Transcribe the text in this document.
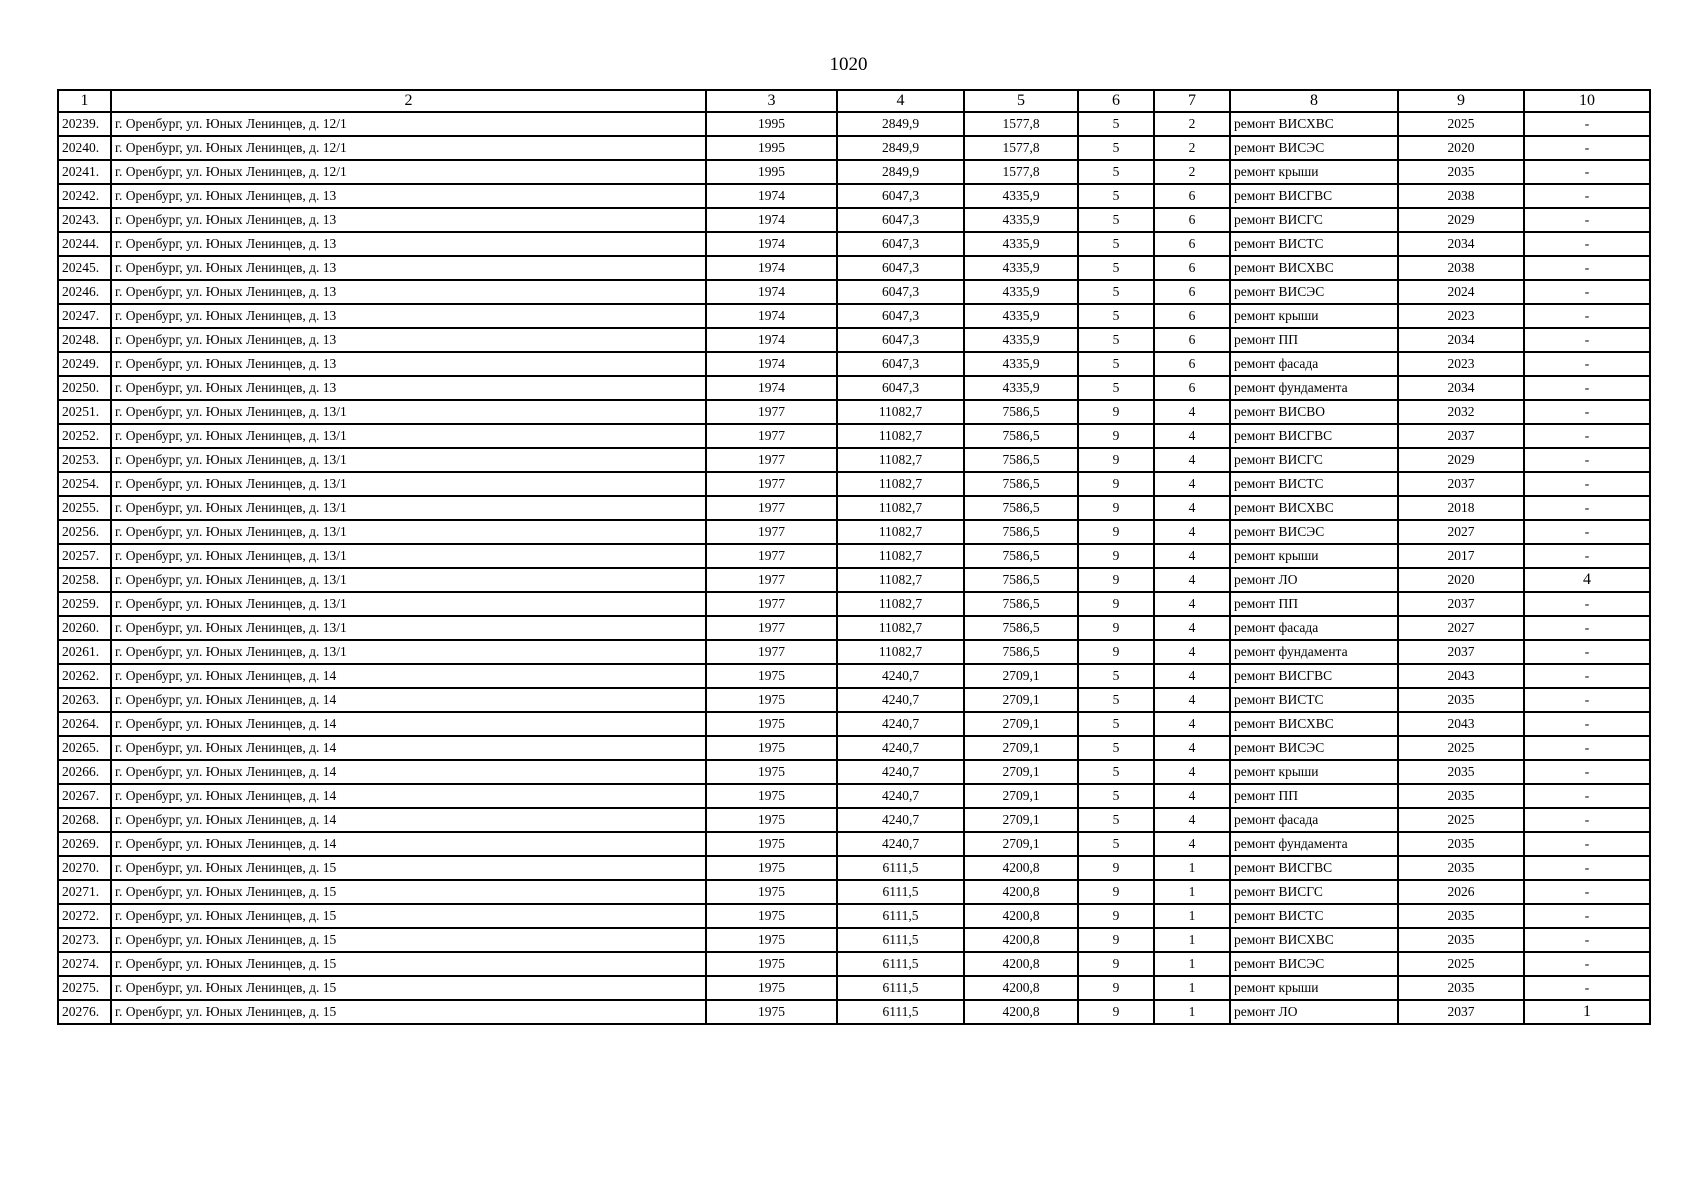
1020
1	2	3	4	5	6	7	8	9	10
20239.	г. Оренбург, ул. Юных Ленинцев, д. 12/1	1995	2849,9	1577,8	5	2	ремонт ВИСХВС	2025	-
20240.	г. Оренбург, ул. Юных Ленинцев, д. 12/1	1995	2849,9	1577,8	5	2	ремонт ВИСЭС	2020	-
20241.	г. Оренбург, ул. Юных Ленинцев, д. 12/1	1995	2849,9	1577,8	5	2	ремонт крыши	2035	-
20242.	г. Оренбург, ул. Юных Ленинцев, д. 13	1974	6047,3	4335,9	5	6	ремонт ВИСГВС	2038	-
20243.	г. Оренбург, ул. Юных Ленинцев, д. 13	1974	6047,3	4335,9	5	6	ремонт ВИСГС	2029	-
20244.	г. Оренбург, ул. Юных Ленинцев, д. 13	1974	6047,3	4335,9	5	6	ремонт ВИСТС	2034	-
20245.	г. Оренбург, ул. Юных Ленинцев, д. 13	1974	6047,3	4335,9	5	6	ремонт ВИСХВС	2038	-
20246.	г. Оренбург, ул. Юных Ленинцев, д. 13	1974	6047,3	4335,9	5	6	ремонт ВИСЭС	2024	-
20247.	г. Оренбург, ул. Юных Ленинцев, д. 13	1974	6047,3	4335,9	5	6	ремонт крыши	2023	-
20248.	г. Оренбург, ул. Юных Ленинцев, д. 13	1974	6047,3	4335,9	5	6	ремонт ПП	2034	-
20249.	г. Оренбург, ул. Юных Ленинцев, д. 13	1974	6047,3	4335,9	5	6	ремонт фасада	2023	-
20250.	г. Оренбург, ул. Юных Ленинцев, д. 13	1974	6047,3	4335,9	5	6	ремонт фундамента	2034	-
20251.	г. Оренбург, ул. Юных Ленинцев, д. 13/1	1977	11082,7	7586,5	9	4	ремонт ВИСВО	2032	-
20252.	г. Оренбург, ул. Юных Ленинцев, д. 13/1	1977	11082,7	7586,5	9	4	ремонт ВИСГВС	2037	-
20253.	г. Оренбург, ул. Юных Ленинцев, д. 13/1	1977	11082,7	7586,5	9	4	ремонт ВИСГС	2029	-
20254.	г. Оренбург, ул. Юных Ленинцев, д. 13/1	1977	11082,7	7586,5	9	4	ремонт ВИСТС	2037	-
20255.	г. Оренбург, ул. Юных Ленинцев, д. 13/1	1977	11082,7	7586,5	9	4	ремонт ВИСХВС	2018	-
20256.	г. Оренбург, ул. Юных Ленинцев, д. 13/1	1977	11082,7	7586,5	9	4	ремонт ВИСЭС	2027	-
20257.	г. Оренбург, ул. Юных Ленинцев, д. 13/1	1977	11082,7	7586,5	9	4	ремонт крыши	2017	-
20258.	г. Оренбург, ул. Юных Ленинцев, д. 13/1	1977	11082,7	7586,5	9	4	ремонт ЛО	2020	4
20259.	г. Оренбург, ул. Юных Ленинцев, д. 13/1	1977	11082,7	7586,5	9	4	ремонт ПП	2037	-
20260.	г. Оренбург, ул. Юных Ленинцев, д. 13/1	1977	11082,7	7586,5	9	4	ремонт фасада	2027	-
20261.	г. Оренбург, ул. Юных Ленинцев, д. 13/1	1977	11082,7	7586,5	9	4	ремонт фундамента	2037	-
20262.	г. Оренбург, ул. Юных Ленинцев, д. 14	1975	4240,7	2709,1	5	4	ремонт ВИСГВС	2043	-
20263.	г. Оренбург, ул. Юных Ленинцев, д. 14	1975	4240,7	2709,1	5	4	ремонт ВИСТС	2035	-
20264.	г. Оренбург, ул. Юных Ленинцев, д. 14	1975	4240,7	2709,1	5	4	ремонт ВИСХВС	2043	-
20265.	г. Оренбург, ул. Юных Ленинцев, д. 14	1975	4240,7	2709,1	5	4	ремонт ВИСЭС	2025	-
20266.	г. Оренбург, ул. Юных Ленинцев, д. 14	1975	4240,7	2709,1	5	4	ремонт крыши	2035	-
20267.	г. Оренбург, ул. Юных Ленинцев, д. 14	1975	4240,7	2709,1	5	4	ремонт ПП	2035	-
20268.	г. Оренбург, ул. Юных Ленинцев, д. 14	1975	4240,7	2709,1	5	4	ремонт фасада	2025	-
20269.	г. Оренбург, ул. Юных Ленинцев, д. 14	1975	4240,7	2709,1	5	4	ремонт фундамента	2035	-
20270.	г. Оренбург, ул. Юных Ленинцев, д. 15	1975	6111,5	4200,8	9	1	ремонт ВИСГВС	2035	-
20271.	г. Оренбург, ул. Юных Ленинцев, д. 15	1975	6111,5	4200,8	9	1	ремонт ВИСГС	2026	-
20272.	г. Оренбург, ул. Юных Ленинцев, д. 15	1975	6111,5	4200,8	9	1	ремонт ВИСТС	2035	-
20273.	г. Оренбург, ул. Юных Ленинцев, д. 15	1975	6111,5	4200,8	9	1	ремонт ВИСХВС	2035	-
20274.	г. Оренбург, ул. Юных Ленинцев, д. 15	1975	6111,5	4200,8	9	1	ремонт ВИСЭС	2025	-
20275.	г. Оренбург, ул. Юных Ленинцев, д. 15	1975	6111,5	4200,8	9	1	ремонт крыши	2035	-
20276.	г. Оренбург, ул. Юных Ленинцев, д. 15	1975	6111,5	4200,8	9	1	ремонт ЛО	2037	1
